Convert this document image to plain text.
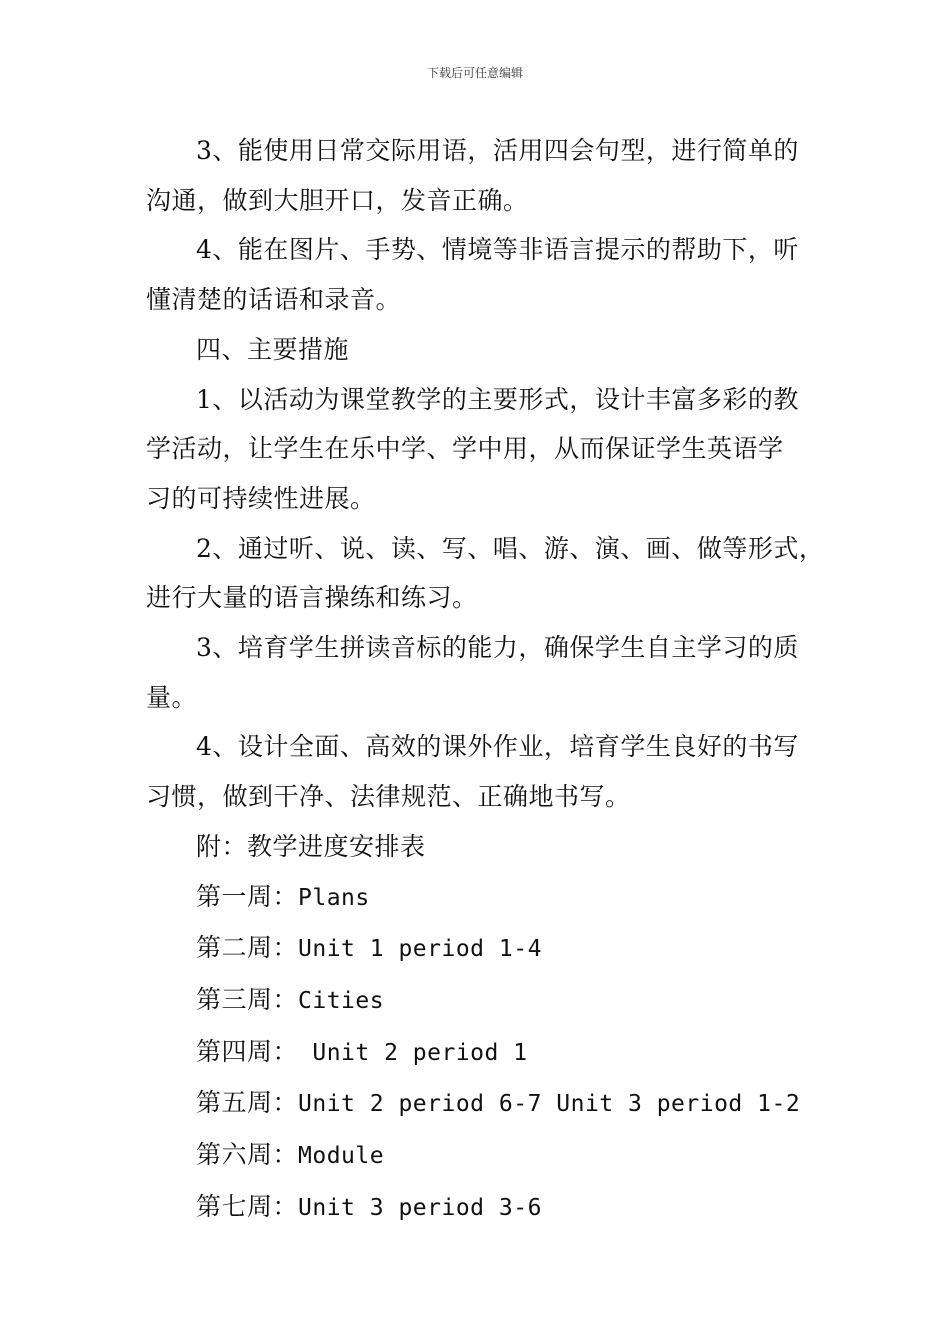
下载后可任意编辑
3、能使用日常交际用语，活用四会句型，进行简单的
沟通，做到大胆开口，发音正确。
4、能在图片、手势、情境等非语言提示的帮助下，听
懂清楚的话语和录音。
四、主要措施
1、以活动为课堂教学的主要形式，设计丰富多彩的教
学活动，让学生在乐中学、学中用，从而保证学生英语学
习的可持续性进展。
2、通过听、说、读、写、唱、游、演、画、做等形式，
进行大量的语言操练和练习。
3、培育学生拼读音标的能力，确保学生自主学习的质
量。
4、设计全面、高效的课外作业，培育学生良好的书写
习惯，做到干净、法律规范、正确地书写。
附：教学进度安排表
第一周：Plans
第二周：Unit 1 period 1-4
第三周：Cities
第四周： Unit 2 period 1
第五周：Unit 2 period 6-7 Unit 3 period 1-2
第六周：Module
第七周：Unit 3 period 3-6
